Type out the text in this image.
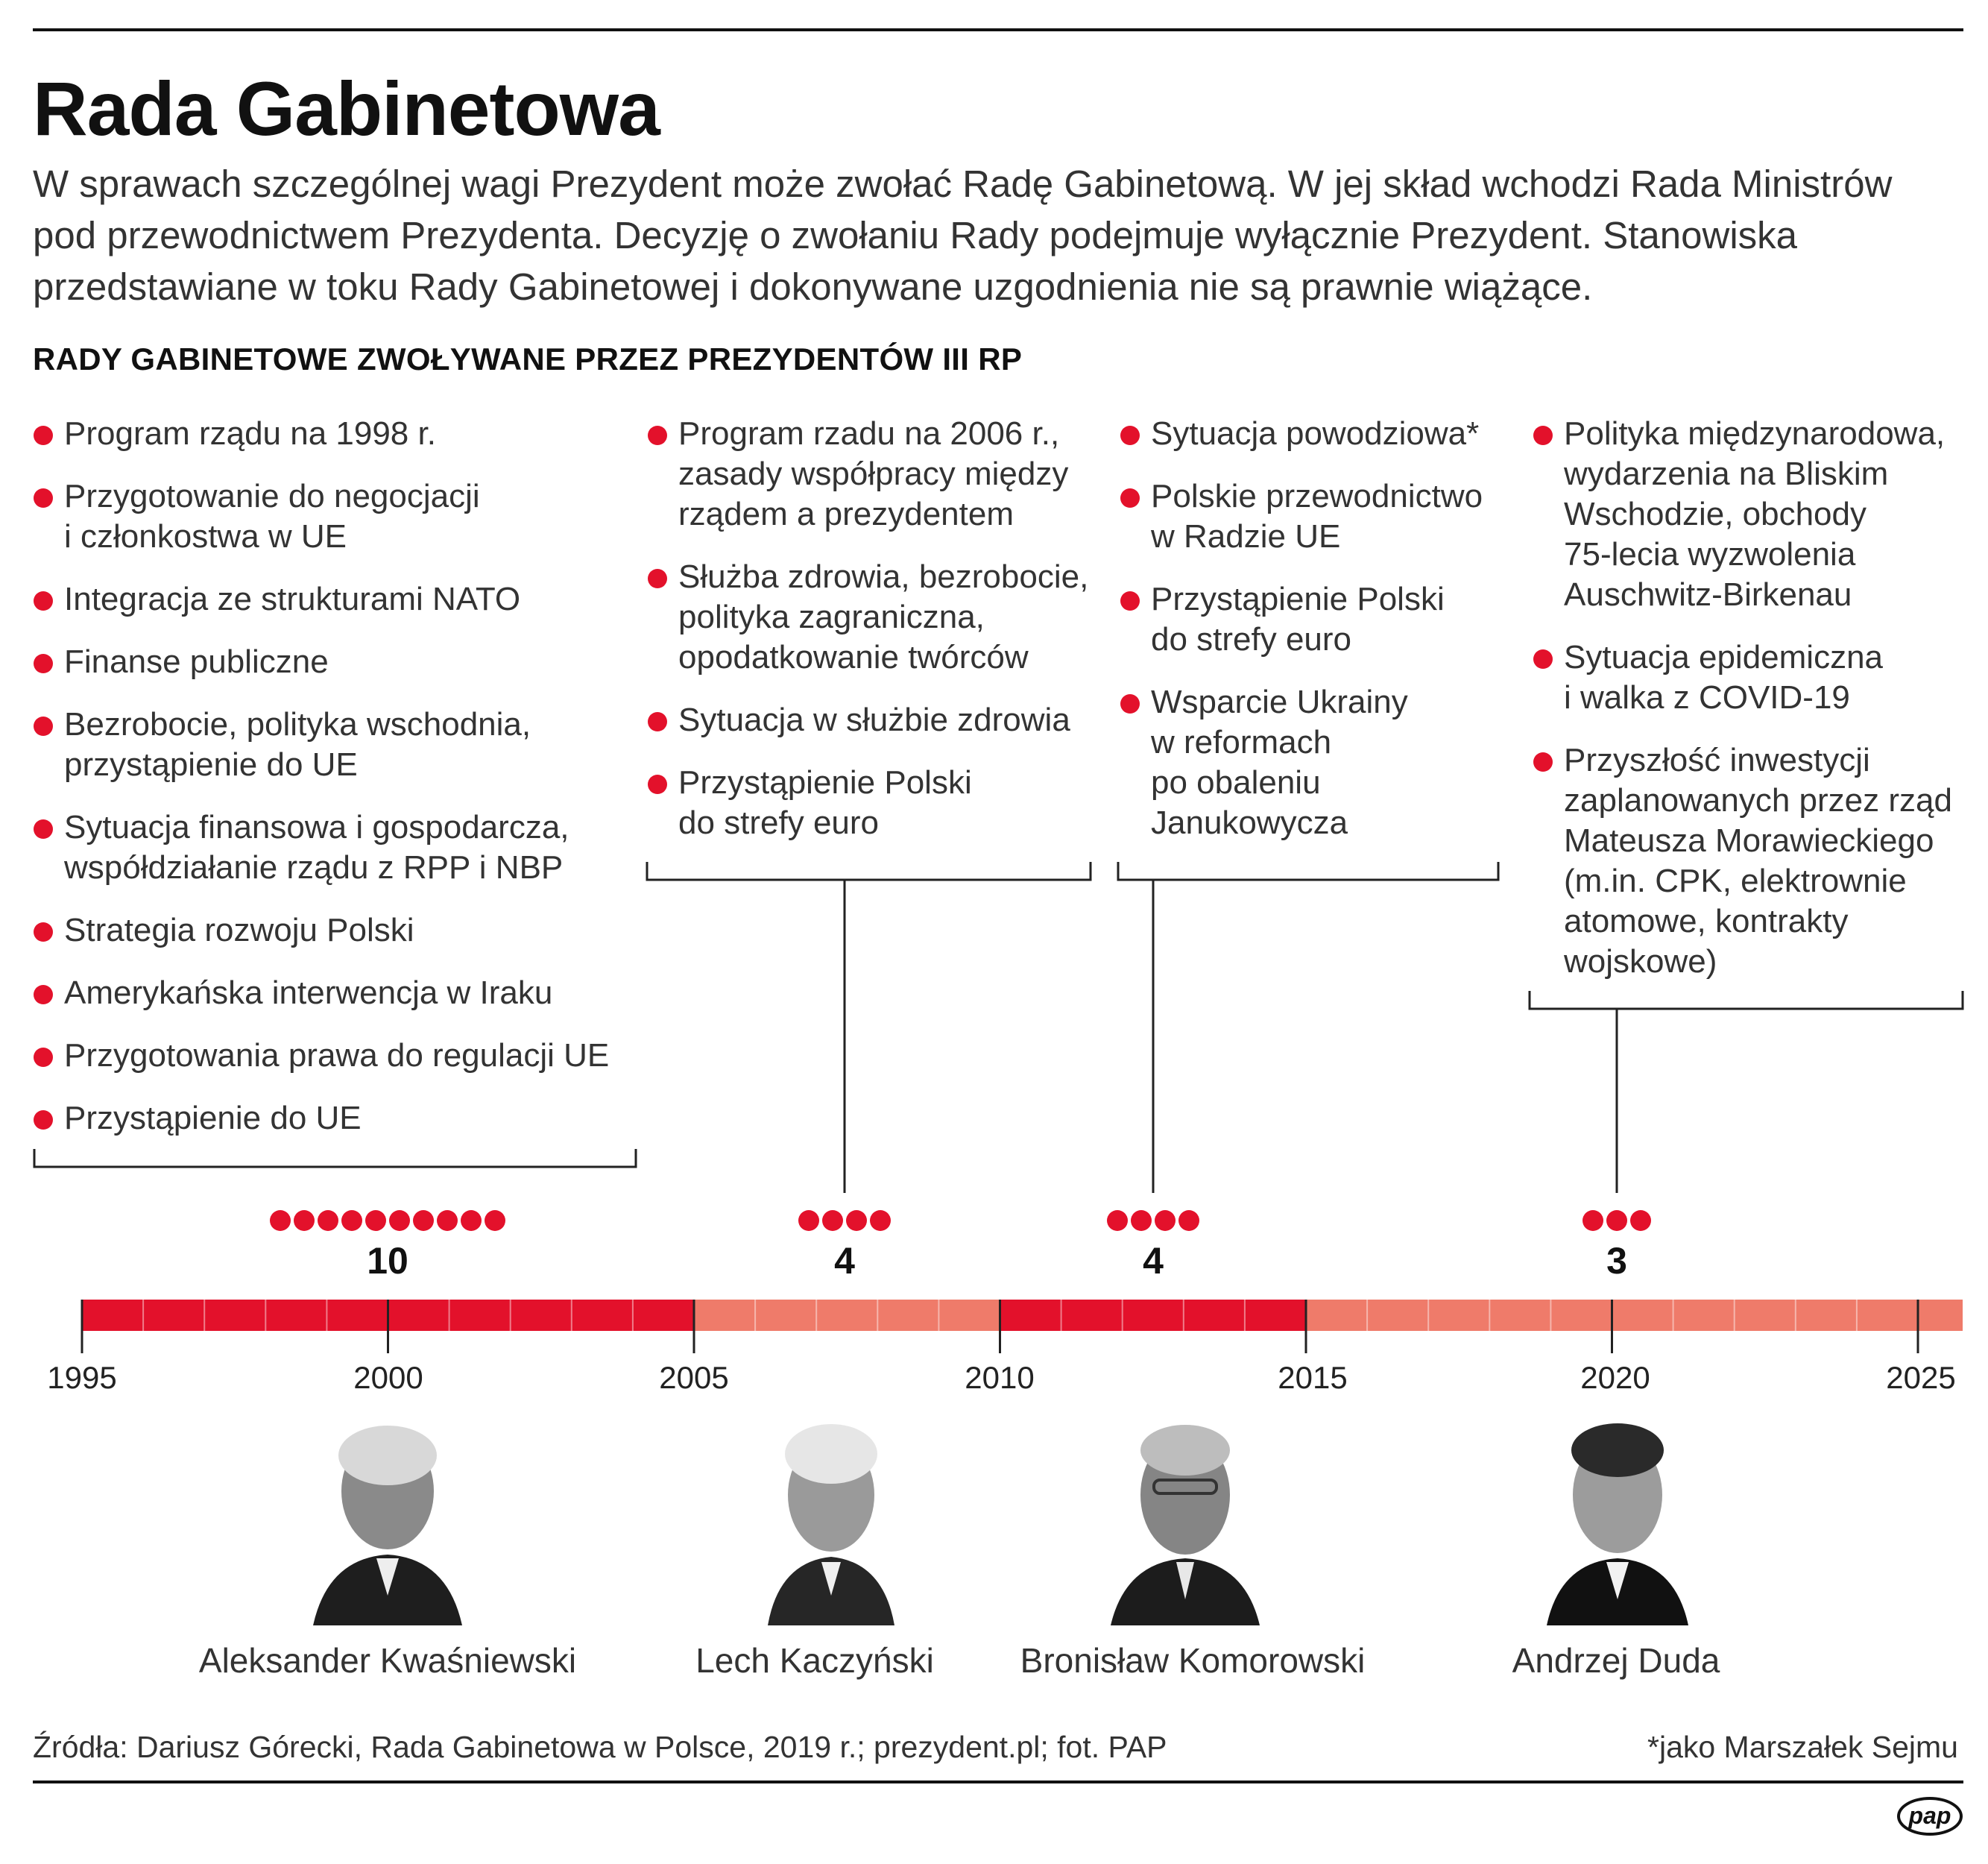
Rada Gabinetowa

W sprawach szczególnej wagi Prezydent może zwołać Radę Gabinetową. W jej skład wchodzi Rada Ministrów pod przewodnictwem Prezydenta. Decyzję o zwołaniu Rady podejmuje wyłącznie Prezydent. Stanowiska przedstawiane w toku Rady Gabinetowej i dokonywane uzgodnienia nie są prawnie wiążące.

RADY GABINETOWE ZWOŁYWANE PRZEZ PREZYDENTÓW III RP

Program rządu na 1998 r.
Przygotowanie do negocjacji
i członkostwa w UE
Integracja ze strukturami NATO
Finanse publiczne
Bezrobocie, polityka wschodnia,
przystąpienie do UE
Sytuacja finansowa i gospodarcza,
współdziałanie rządu z RPP i NBP
Strategia rozwoju Polski
Amerykańska interwencja w Iraku
Przygotowania prawa do regulacji UE
Przystąpienie do UE
Program rzadu na 2006 r.,
zasady współpracy między
rządem a prezydentem
Służba zdrowia, bezrobocie,
polityka zagraniczna,
opodatkowanie twórców
Sytuacja w służbie zdrowia
Przystąpienie Polski
do strefy euro
Sytuacja powodziowa*
Polskie przewodnictwo
w Radzie UE
Przystąpienie Polski
do strefy euro
Wsparcie Ukrainy
w reformach
po obaleniu
Janukowycza
Polityka międzynarodowa,
wydarzenia na Bliskim
Wschodzie, obchody
75-lecia wyzwolenia
Auschwitz-Birkenau
Sytuacja epidemiczna
i walka z COVID-19
Przyszłość inwestycji
zaplanowanych przez rząd
Mateusza Morawieckiego
(m.in. CPK, elektrownie
atomowe, kontrakty
wojskowe)
10	4	4	3
1995	2000	2005	2010	2015	2020	2025
Aleksander Kwaśniewski	Lech Kaczyński	Bronisław Komorowski	Andrzej Duda

Źródła: Dariusz Górecki, Rada Gabinetowa w Polsce, 2019 r.; prezydent.pl; fot. PAP	*jako Marszałek Sejmu

pap
